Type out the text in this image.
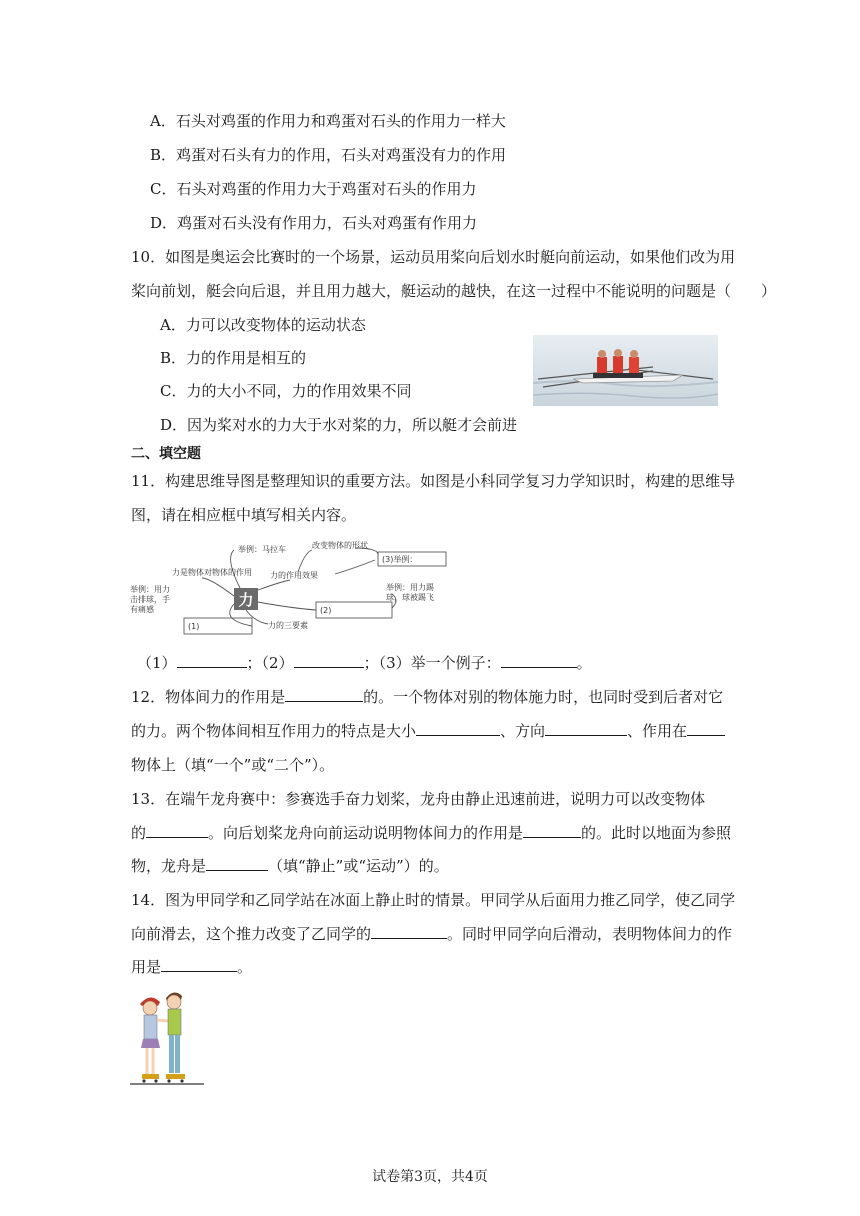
A．石头对鸡蛋的作用力和鸡蛋对石头的作用力一样大
B．鸡蛋对石头有力的作用，石头对鸡蛋没有力的作用
C．石头对鸡蛋的作用力大于鸡蛋对石头的作用力
D．鸡蛋对石头没有作用力，石头对鸡蛋有作用力
10．如图是奥运会比赛时的一个场景，运动员用桨向后划水时艇向前运动，如果他们改为用
桨向前划，艇会向后退，并且用力越大，艇运动的越快，在这一过程中不能说明的问题是（　　）
A．力可以改变物体的运动状态
B．力的作用是相互的
C．力的大小不同，力的作用效果不同
D．因为桨对水的力大于水对桨的力，所以艇才会前进
二、填空题
11．构建思维导图是整理知识的重要方法。如图是小科同学复习力学知识时，构建的思维导
图，请在相应框中填写相关内容。
力
力是物体对物体的作用
举例：马拉车
力的作用效果
改变物体的形状
举例：用力踢
球，球被踢飞
举例：用力
击排球，手
有痛感
力的三要素
(3)举例：
(2)
(1)
（1）	；（2）	；（3）举一个例子：	。
12．物体间力的作用是	的。一个物体对别的物体施力时，也同时受到后者对它
的力。两个物体间相互作用力的特点是大小	、方向	、作用在
物体上（填“一个”或“二个”）。
13．在端午龙舟赛中：参赛选手奋力划桨，龙舟由静止迅速前进，说明力可以改变物体
的	。向后划桨龙舟向前运动说明物体间力的作用是	的。此时以地面为参照
物，龙舟是	（填“静止”或“运动”）的。
14．图为甲同学和乙同学站在冰面上静止时的情景。甲同学从后面用力推乙同学，使乙同学
向前滑去，这个推力改变了乙同学的	。同时甲同学向后滑动，表明物体间力的作
用是	。
试卷第3页，共4页
